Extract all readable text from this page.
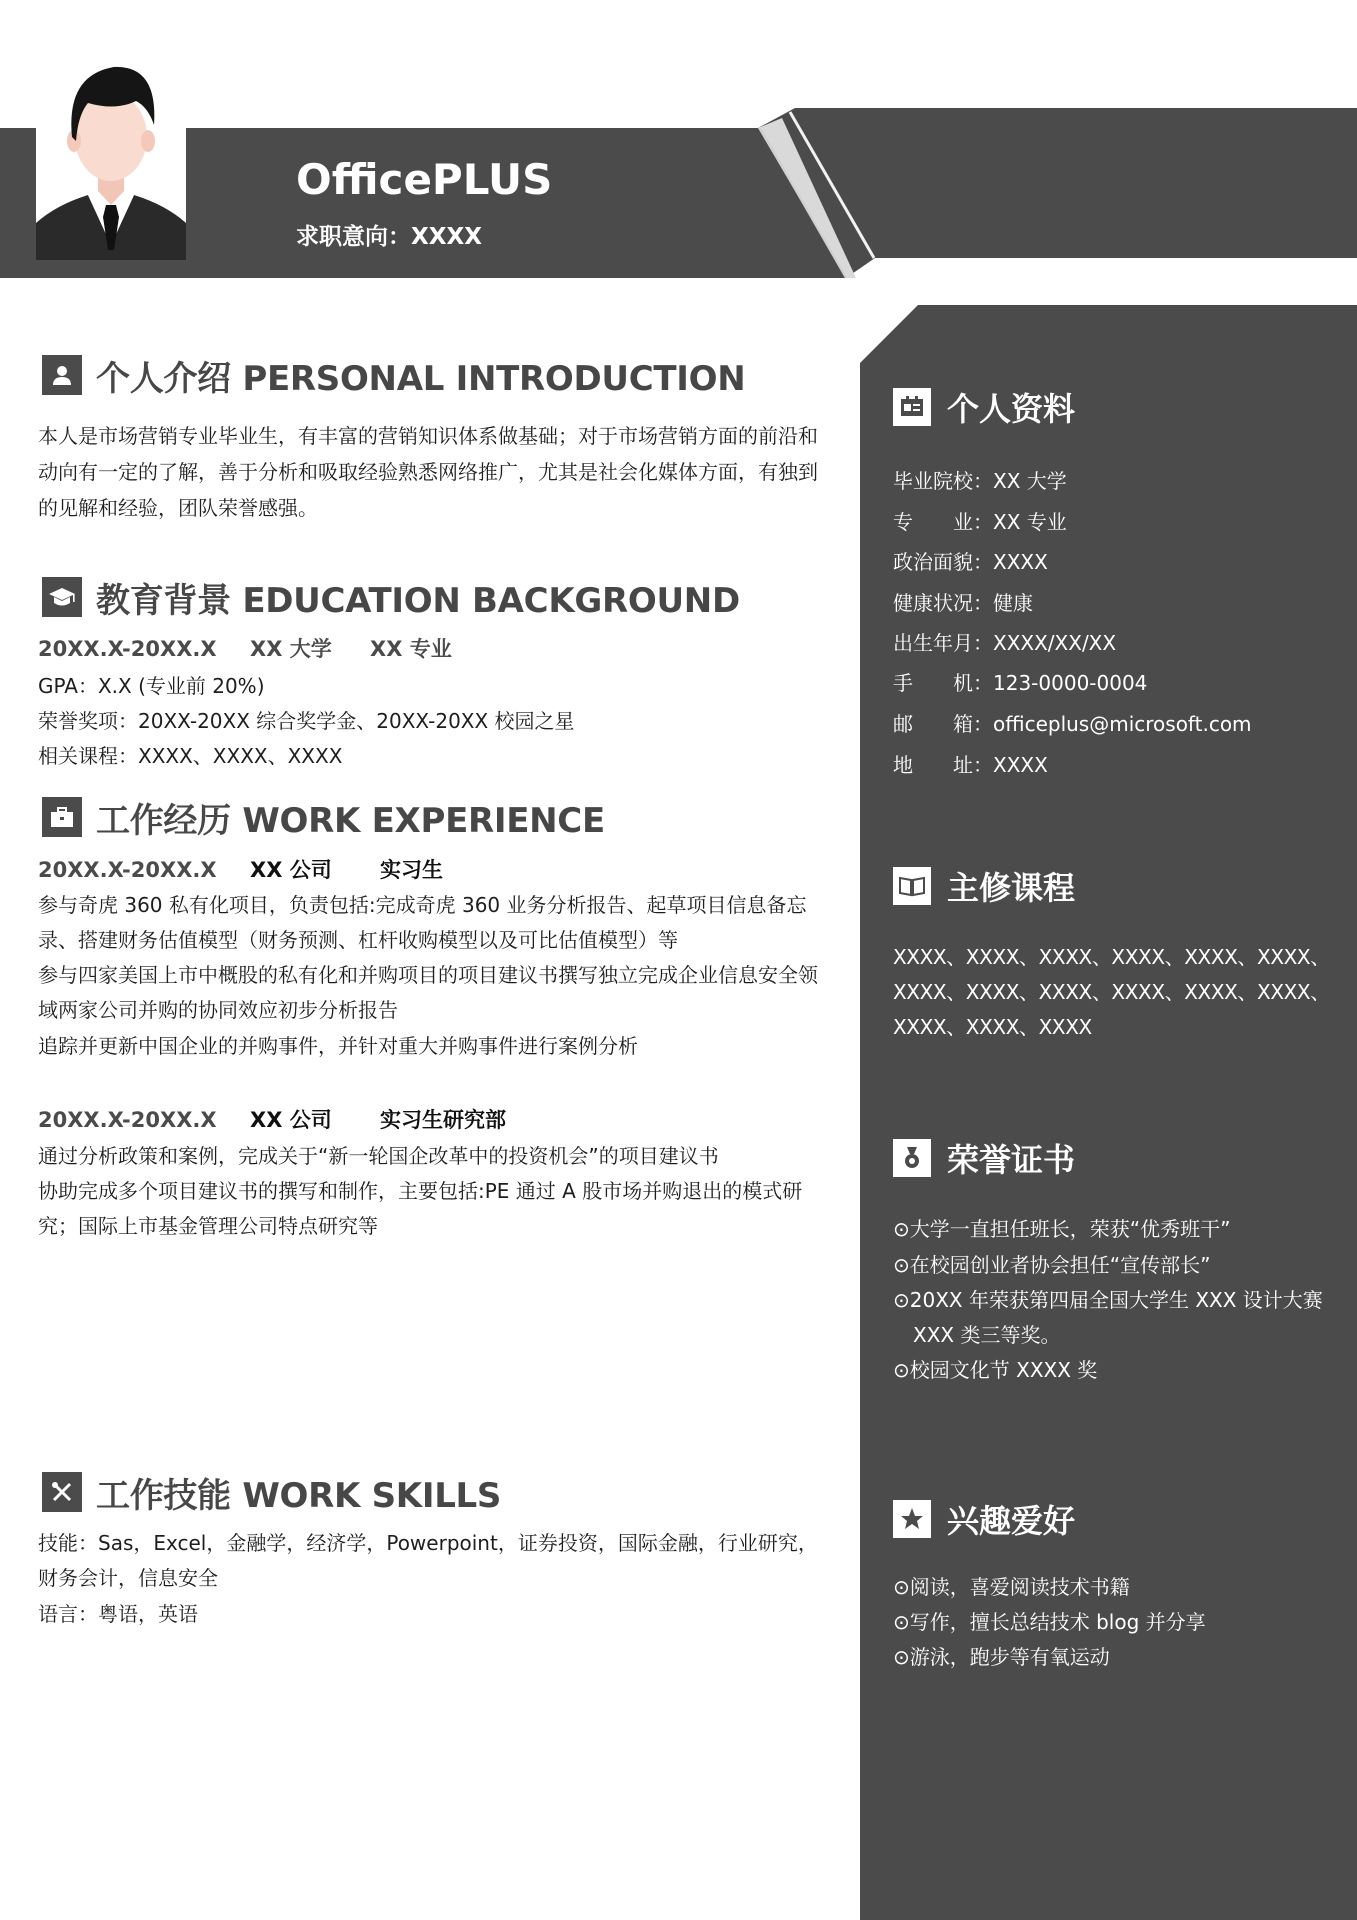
OfficePLUS
求职意向：XXXX
个人介绍 PERSONAL INTRODUCTION
本人是市场营销专业毕业生，有丰富的营销知识体系做基础；对于市场营销方面的前沿和动向有一定的了解，善于分析和吸取经验熟悉网络推广，尤其是社会化媒体方面，有独到的见解和经验，团队荣誉感强。
教育背景 EDUCATION BACKGROUND
20XX.X-20XX.X XX 大学 XX 专业
GPA：X.X (专业前 20%)
荣誉奖项：20XX-20XX 综合奖学金、20XX-20XX 校园之星
相关课程：XXXX、XXXX、XXXX
工作经历 WORK EXPERIENCE
20XX.X-20XX.X XX 公司 实习生
参与奇虎 360 私有化项目，负责包括:完成奇虎 360 业务分析报告、起草项目信息备忘录、搭建财务估值模型（财务预测、杠杆收购模型以及可比估值模型）等
参与四家美国上市中概股的私有化和并购项目的项目建议书撰写独立完成企业信息安全领域两家公司并购的协同效应初步分析报告
追踪并更新中国企业的并购事件，并针对重大并购事件进行案例分析
20XX.X-20XX.X XX 公司 实习生研究部
通过分析政策和案例，完成关于“新一轮国企改革中的投资机会”的项目建议书
协助完成多个项目建议书的撰写和制作，主要包括:PE 通过 A 股市场并购退出的模式研究；国际上市基金管理公司特点研究等
工作技能 WORK SKILLS
技能：Sas，Excel，金融学，经济学，Powerpoint，证券投资，国际金融，行业研究，财务会计，信息安全
语言：粤语，英语
个人资料
毕业院校：XX 大学
专　　业：XX 专业
政治面貌：XXXX
健康状况：健康
出生年月：XXXX/XX/XX
手　　机：123-0000-0004
邮　　箱：officeplus@microsoft.com
地　　址：XXXX
主修课程
XXXX、XXXX、XXXX、XXXX、XXXX、XXXX、XXXX、XXXX、XXXX、XXXX、XXXX、XXXX、XXXX、XXXX、XXXX
荣誉证书
⊙大学一直担任班长，荣获“优秀班干”
⊙在校园创业者协会担任“宣传部长”
⊙20XX 年荣获第四届全国大学生 XXX 设计大赛 XXX 类三等奖。
⊙校园文化节 XXXX 奖
兴趣爱好
⊙阅读，喜爱阅读技术书籍
⊙写作，擅长总结技术 blog 并分享
⊙游泳，跑步等有氧运动
